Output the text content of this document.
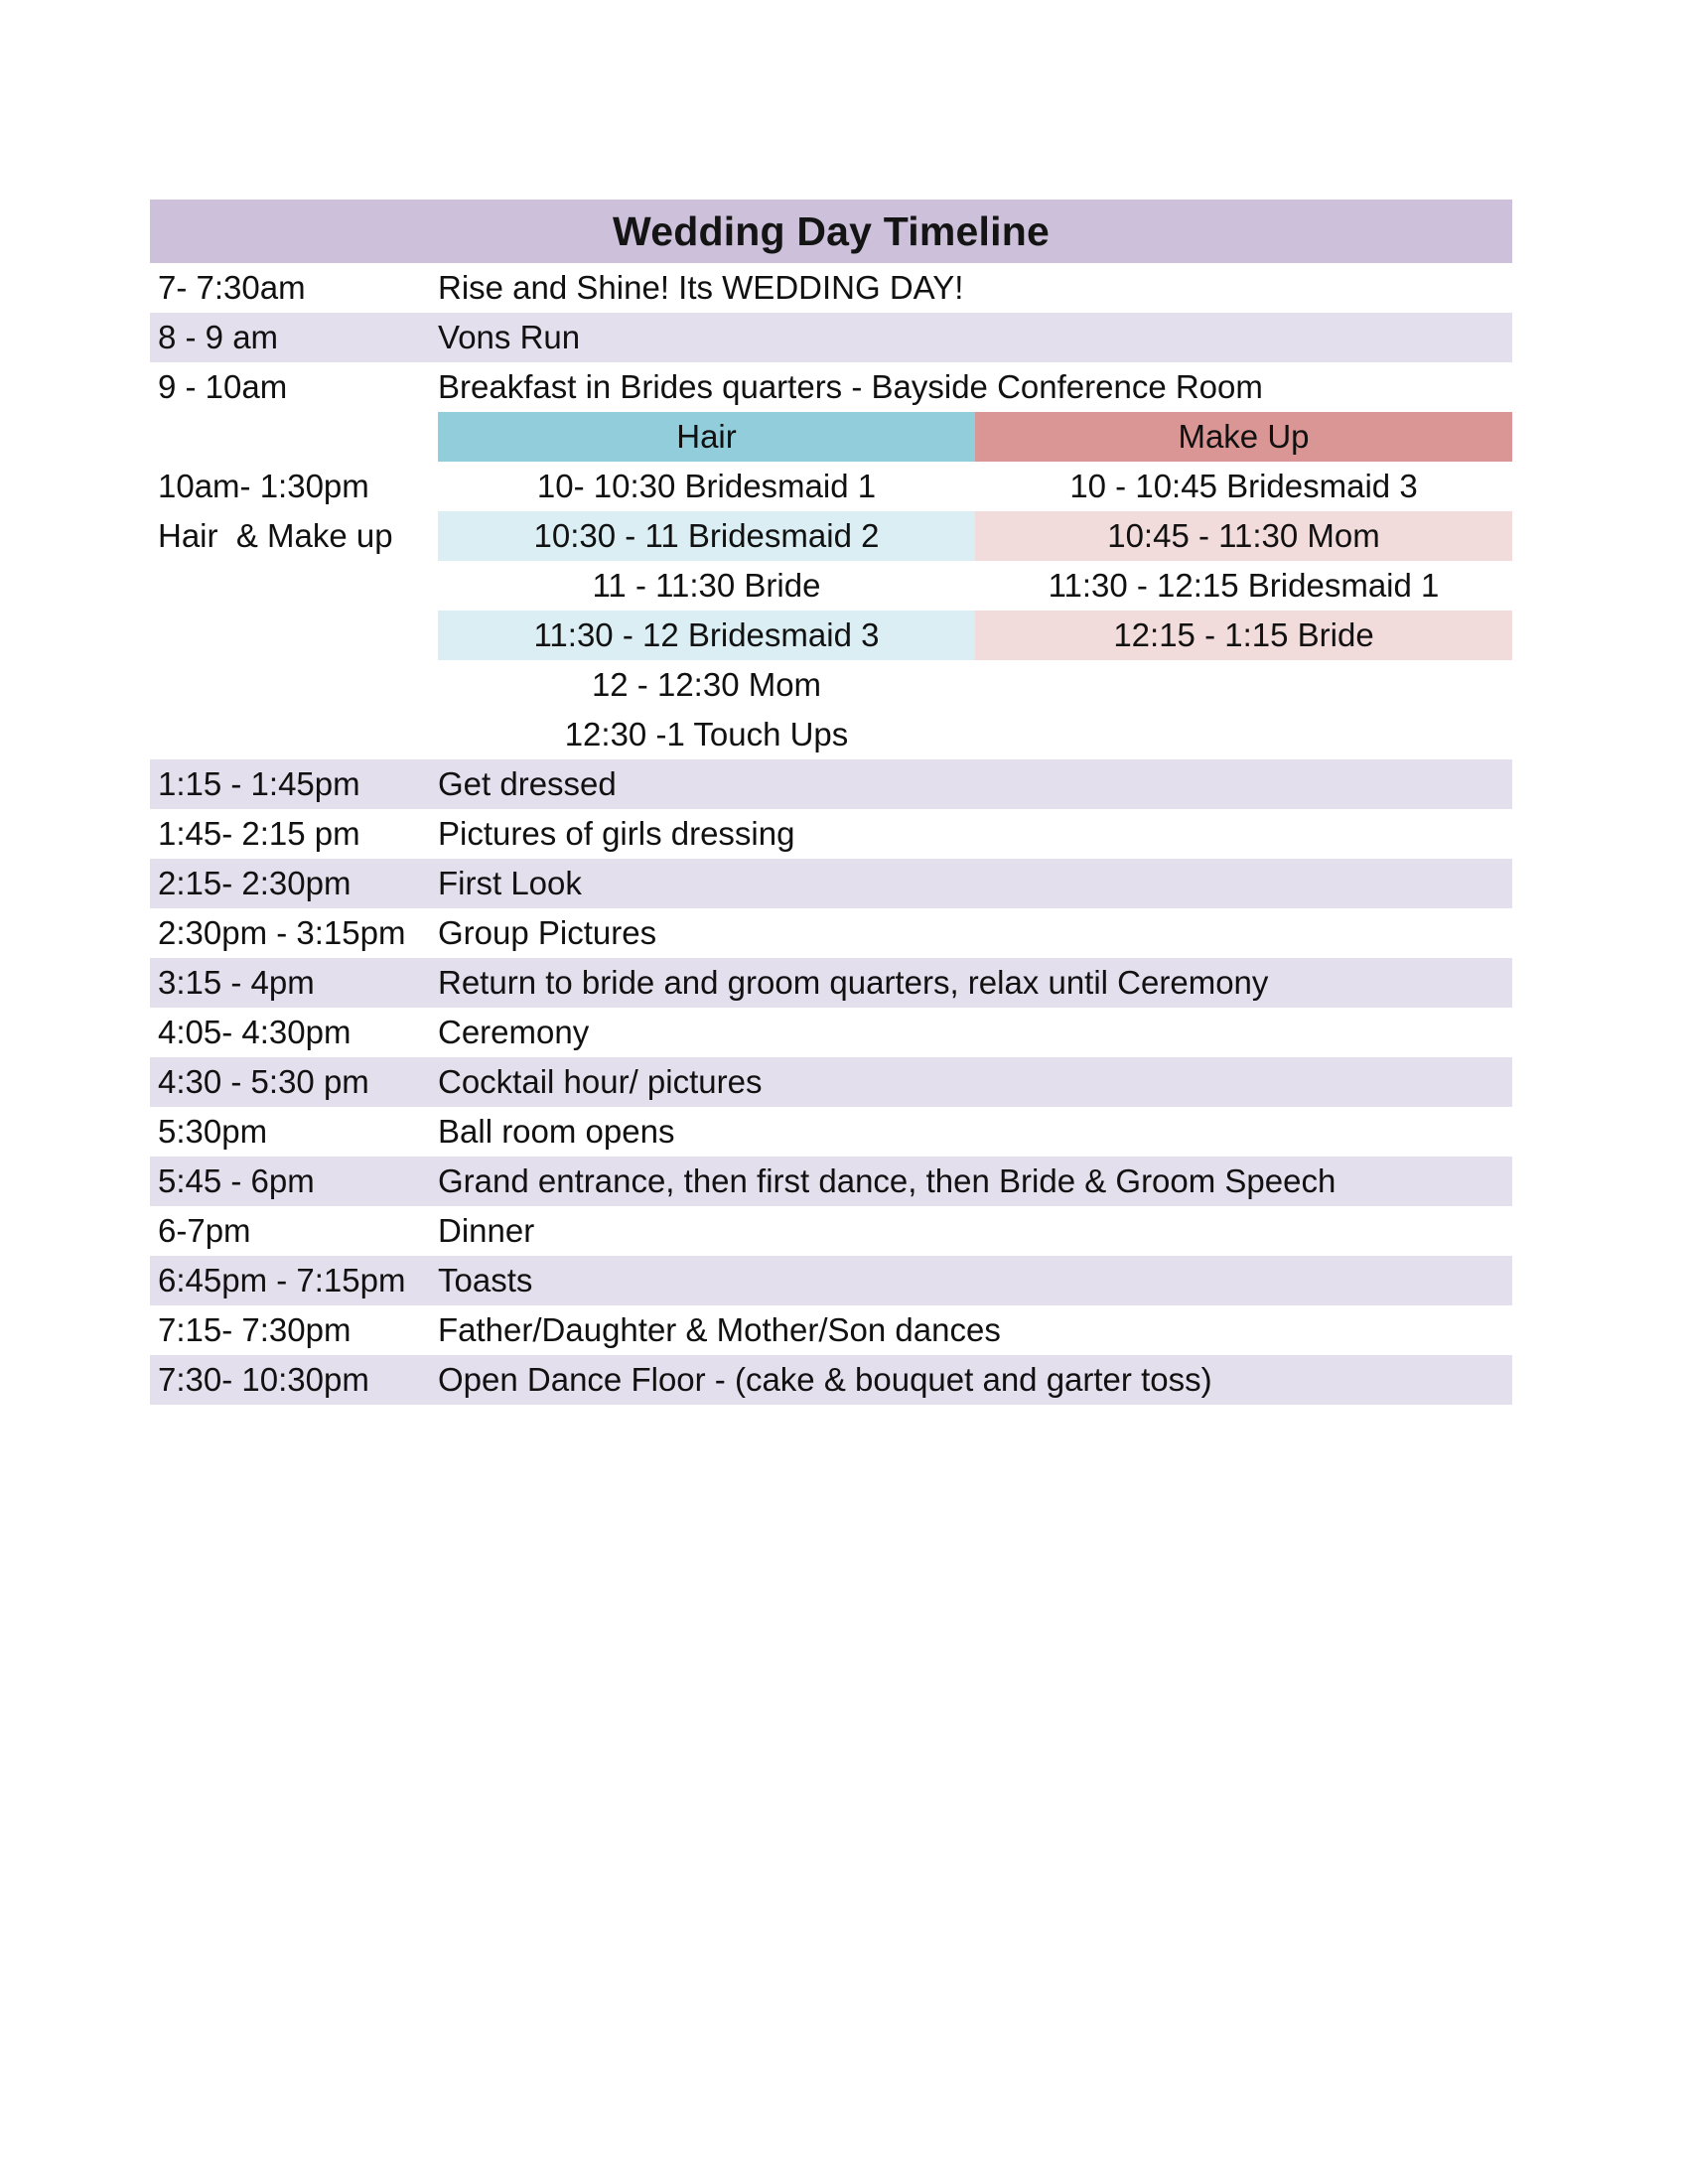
Wedding Day Timeline
7- 7:30am	Rise and Shine! Its WEDDING DAY!
8 - 9 am	Vons Run
9 - 10am	Breakfast in Brides quarters - Bayside Conference Room
10am- 1:30pm
Hair  & Make up
Hair	Make Up
10- 10:30 Bridesmaid 1	10 - 10:45 Bridesmaid 3
10:30 - 11 Bridesmaid 2	10:45 - 11:30 Mom
11 - 11:30 Bride	11:30 - 12:15 Bridesmaid 1
11:30 - 12 Bridesmaid 3	12:15 - 1:15 Bride
12 - 12:30 Mom
12:30 -1 Touch Ups
1:15 - 1:45pm	Get dressed
1:45- 2:15 pm	Pictures of girls dressing
2:15- 2:30pm	First Look
2:30pm - 3:15pm Group Pictures
3:15 - 4pm	Return to bride and groom quarters, relax until Ceremony
4:05- 4:30pm	Ceremony
4:30 - 5:30 pm	Cocktail hour/ pictures
5:30pm	Ball room opens
5:45 - 6pm	Grand entrance, then first dance, then Bride & Groom Speech
6-7pm	Dinner
6:45pm - 7:15pm Toasts
7:15- 7:30pm	Father/Daughter & Mother/Son dances
7:30- 10:30pm	Open Dance Floor - (cake & bouquet and garter toss)
